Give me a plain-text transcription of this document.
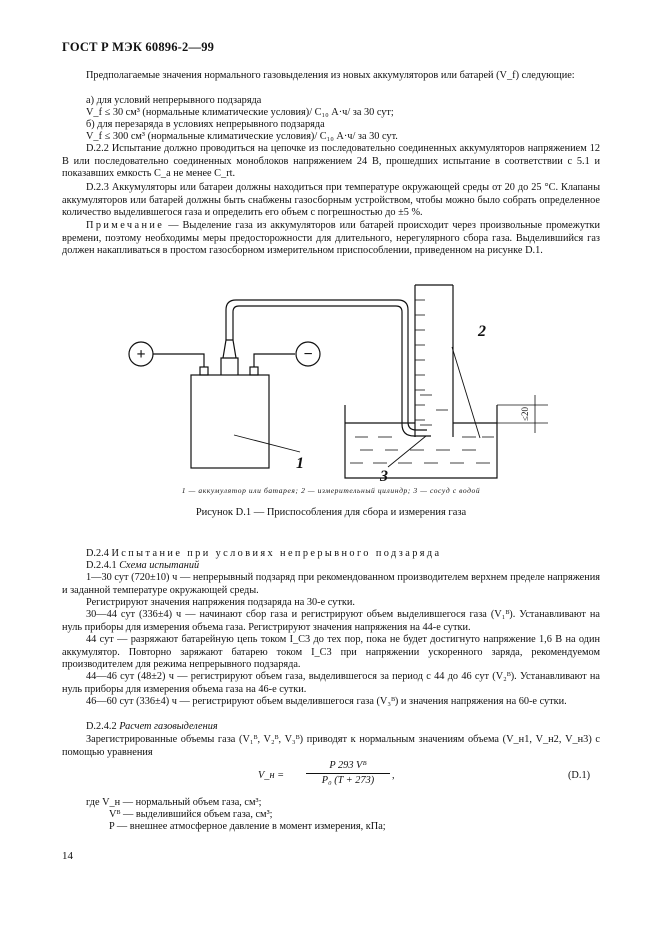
ГОСТ Р МЭК 60896-2—99
Предполагаемые значения нормального газовыделения из новых аккумуляторов или батарей (V_f) следующие:
а) для условий непрерывного подзаряда
V_f ≤ 30 см³ (нормальные климатические условия)/ C₁₀ А·ч/ за 30 сут;
б) для перезаряда в условиях непрерывного подзаряда
V_f ≤ 300 см³ (нормальные климатические условия)/ C₁₀ А·ч/ за 30 сут.
D.2.2 Испытание должно проводиться на цепочке из последовательно соединенных аккумуляторов напряжением 12 В или последовательно соединенных моноблоков напряжением 24 В, прошедших испытание в соответствии с 5.1 и показавших емкость C_a не менее C_rt.
D.2.3 Аккумуляторы или батареи должны находиться при температуре окружающей среды от 20 до 25 °С. Клапаны аккумуляторов или батарей должны быть снабжены газосборным устройством, чтобы можно было собрать определенное количество выделившегося газа и определить его объем с погрешностью до ±5 %.
Примечание — Выделение газа из аккумуляторов или батарей происходит через произвольные промежутки времени, поэтому необходимы меры предосторожности для длительного, нерегулярного сбора газа. Выделившийся газ должен накапливаться в простом газосборном измерительном приспособлении, приведенном на рисунке D.1.
+	−
1
2
3
≤20
1 — аккумулятор или батарея; 2 — измерительный цилиндр; 3 — сосуд с водой
Рисунок D.1 — Приспособления для сбора и измерения газа
D.2.4 Испытание при условиях непрерывного подзаряда
D.2.4.1 Схема испытаний
1—30 сут (720±10) ч — непрерывный подзаряд при рекомендованном производителем верхнем пределе напряжения и заданной температуре окружающей среды.
Регистрируют значения напряжения подзаряда на 30-е сутки.
30—44 сут (336±4) ч — начинают сбор газа и регистрируют объем выделившегося газа (V₁ᴮ). Устанавливают на нуль приборы для измерения объема газа. Регистрируют значения напряжения на 44-е сутки.
44 сут — разряжают батарейную цепь током I_C3 до тех пор, пока не будет достигнуто напряжение 1,6 В на один аккумулятор. Повторно заряжают батарею током I_C3 при напряжении ускоренного заряда, рекомендуемом производителем для режима непрерывного подзаряда.
44—46 сут (48±2) ч — регистрируют объем газа, выделившегося за период с 44 до 46 сут (V₂ᴮ). Устанавливают на нуль приборы для измерения объема газа на 46-е сутки.
46—60 сут (336±4) ч — регистрируют объем выделившегося газа (V₃ᴮ) и значения напряжения на 60-е сутки.
D.2.4.2 Расчет газовыделения
Зарегистрированные объемы газа (V₁ᴮ, V₂ᴮ, V₃ᴮ) приводят к нормальным значениям объема (V_н1, V_н2, V_н3) с помощью уравнения
V_н =
P 293 Vᴮ
P₀ (T + 273)	,	(D.1)
где V_н — нормальный объем газа, см³;
Vᴮ — выделившийся объем газа, см³;
P — внешнее атмосферное давление в момент измерения, кПа;
14
